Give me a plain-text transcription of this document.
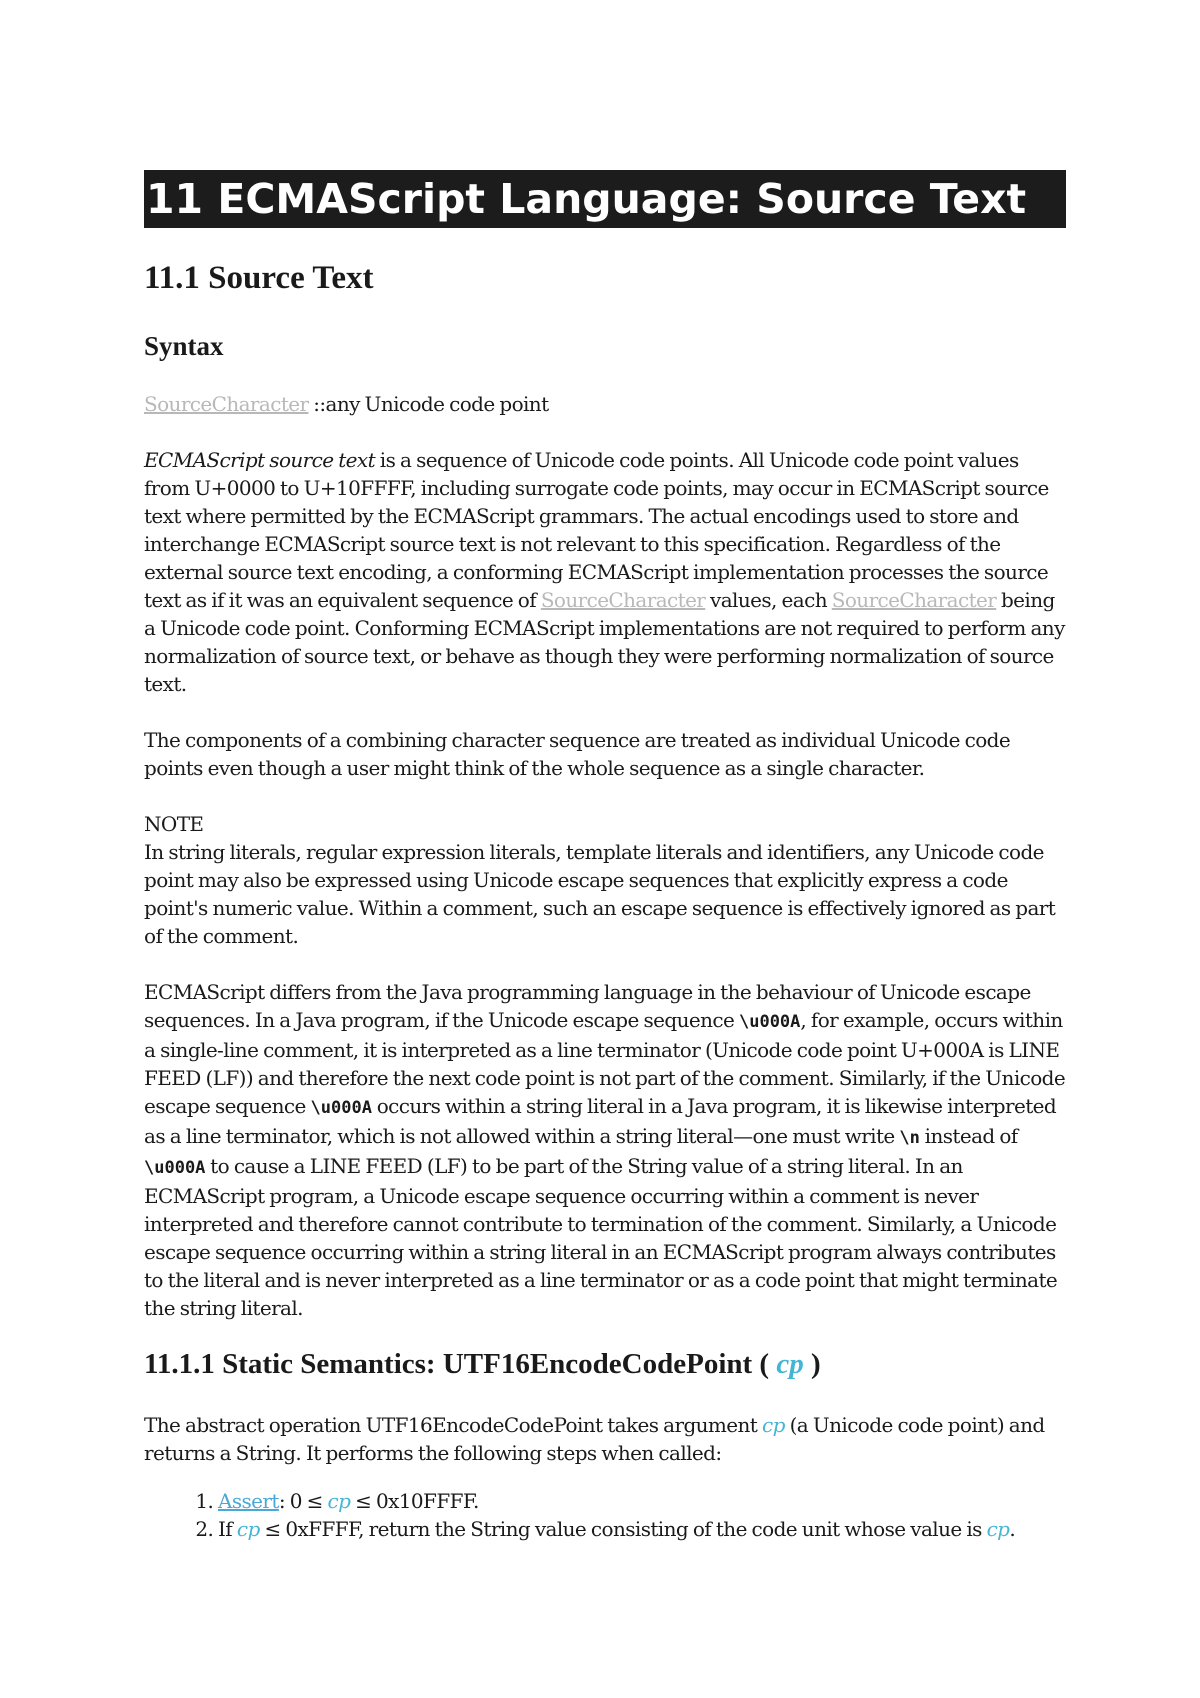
11 ECMAScript Language: Source Text
11.1 Source Text
Syntax
SourceCharacter ::any Unicode code point

ECMAScript source text is a sequence of Unicode code points. All Unicode code point values from U+0000 to U+10FFFF, including surrogate code points, may occur in ECMAScript source text where permitted by the ECMAScript grammars. The actual encodings used to store and interchange ECMAScript source text is not relevant to this specification. Regardless of the external source text encoding, a conforming ECMAScript implementation processes the source text as if it was an equivalent sequence of SourceCharacter values, each SourceCharacter being a Unicode code point. Conforming ECMAScript implementations are not required to perform any normalization of source text, or behave as though they were performing normalization of source text.

The components of a combining character sequence are treated as individual Unicode code points even though a user might think of the whole sequence as a single character.

NOTE
In string literals, regular expression literals, template literals and identifiers, any Unicode code point may also be expressed using Unicode escape sequences that explicitly express a code point's numeric value. Within a comment, such an escape sequence is effectively ignored as part of the comment.

ECMAScript differs from the Java programming language in the behaviour of Unicode escape sequences. In a Java program, if the Unicode escape sequence \u000A, for example, occurs within a single-line comment, it is interpreted as a line terminator (Unicode code point U+000A is LINE FEED (LF)) and therefore the next code point is not part of the comment. Similarly, if the Unicode escape sequence \u000A occurs within a string literal in a Java program, it is likewise interpreted as a line terminator, which is not allowed within a string literal—one must write \n instead of \u000A to cause a LINE FEED (LF) to be part of the String value of a string literal. In an ECMAScript program, a Unicode escape sequence occurring within a comment is never interpreted and therefore cannot contribute to termination of the comment. Similarly, a Unicode escape sequence occurring within a string literal in an ECMAScript program always contributes to the literal and is never interpreted as a line terminator or as a code point that might terminate the string literal.

11.1.1 Static Semantics: UTF16EncodeCodePoint ( cp )

The abstract operation UTF16EncodeCodePoint takes argument cp (a Unicode code point) and returns a String. It performs the following steps when called:

1. Assert: 0 ≤ cp ≤ 0x10FFFF.
2. If cp ≤ 0xFFFF, return the String value consisting of the code unit whose value is cp.
